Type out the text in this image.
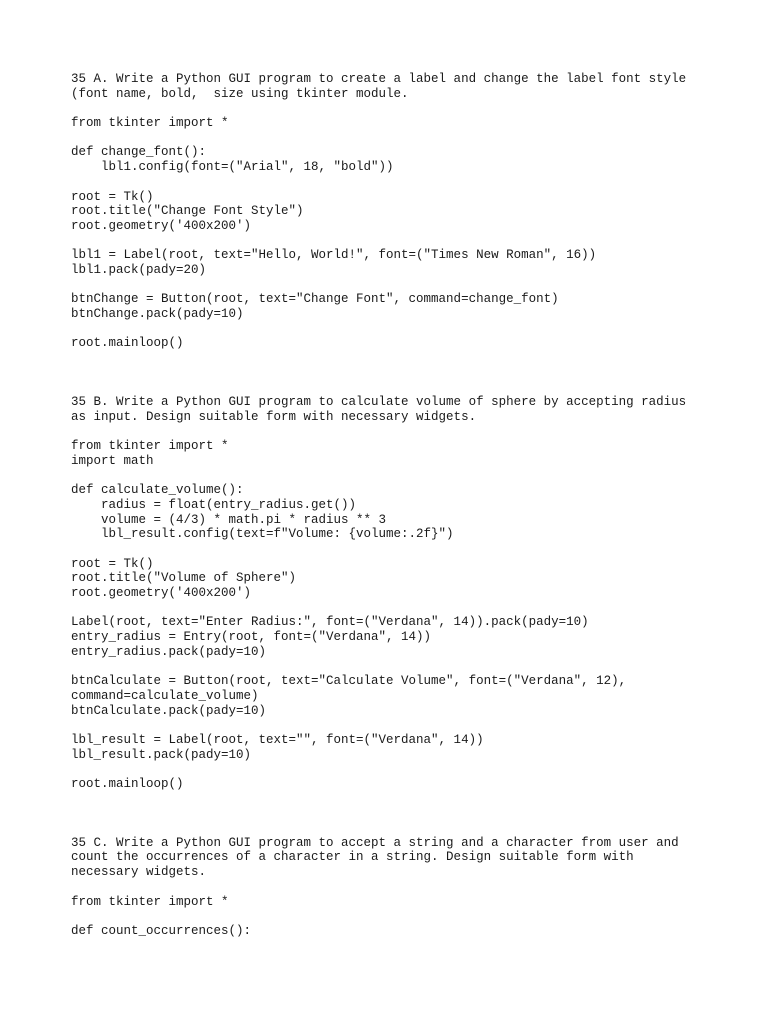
35 A. Write a Python GUI program to create a label and change the label font style
(font name, bold,  size using tkinter module.
from tkinter import *
def change_font():
lbl1.config(font=("Arial", 18, "bold"))
root = Tk()
root.title("Change Font Style")
root.geometry('400x200')
lbl1 = Label(root, text="Hello, World!", font=("Times New Roman", 16))
lbl1.pack(pady=20)
btnChange = Button(root, text="Change Font", command=change_font)
btnChange.pack(pady=10)
root.mainloop()
35 B. Write a Python GUI program to calculate volume of sphere by accepting radius
as input. Design suitable form with necessary widgets.
from tkinter import *
import math
def calculate_volume():
radius = float(entry_radius.get())
volume = (4/3) * math.pi * radius ** 3
lbl_result.config(text=f"Volume: {volume:.2f}")
root = Tk()
root.title("Volume of Sphere")
root.geometry('400x200')
Label(root, text="Enter Radius:", font=("Verdana", 14)).pack(pady=10)
entry_radius = Entry(root, font=("Verdana", 14))
entry_radius.pack(pady=10)
btnCalculate = Button(root, text="Calculate Volume", font=("Verdana", 12),
command=calculate_volume)
btnCalculate.pack(pady=10)
lbl_result = Label(root, text="", font=("Verdana", 14))
lbl_result.pack(pady=10)
root.mainloop()
35 C. Write a Python GUI program to accept a string and a character from user and
count the occurrences of a character in a string. Design suitable form with
necessary widgets.
from tkinter import *
def count_occurrences():
